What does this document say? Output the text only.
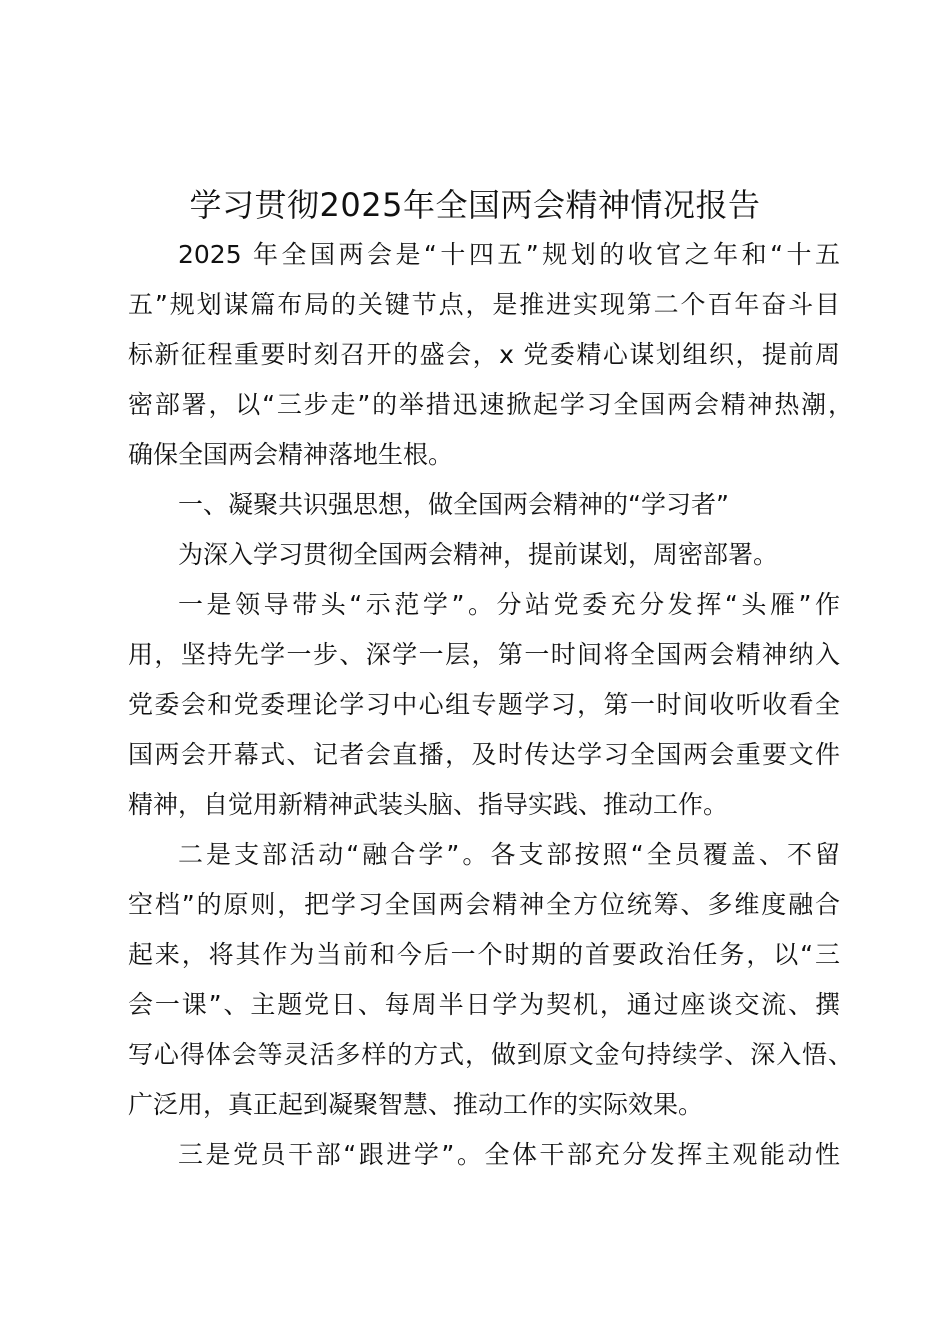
学习贯彻2025年全国两会精神情况报告

2025 年全国两会是“十四五”规划的收官之年和“十五

五”规划谋篇布局的关键节点，是推进实现第二个百年奋斗目

标新征程重要时刻召开的盛会，x 党委精心谋划组织，提前周

密部署，以“三步走”的举措迅速掀起学习全国两会精神热潮，

确保全国两会精神落地生根。

一、凝聚共识强思想，做全国两会精神的“学习者”

为深入学习贯彻全国两会精神，提前谋划，周密部署。

一是领导带头“示范学”。分站党委充分发挥“头雁”作

用，坚持先学一步、深学一层，第一时间将全国两会精神纳入

党委会和党委理论学习中心组专题学习，第一时间收听收看全

国两会开幕式、记者会直播，及时传达学习全国两会重要文件

精神，自觉用新精神武装头脑、指导实践、推动工作。

二是支部活动“融合学”。各支部按照“全员覆盖、不留

空档”的原则，把学习全国两会精神全方位统筹、多维度融合

起来，将其作为当前和今后一个时期的首要政治任务，以“三

会一课”、主题党日、每周半日学为契机，通过座谈交流、撰

写心得体会等灵活多样的方式，做到原文金句持续学、深入悟、

广泛用，真正起到凝聚智慧、推动工作的实际效果。

三是党员干部“跟进学”。全体干部充分发挥主观能动性
